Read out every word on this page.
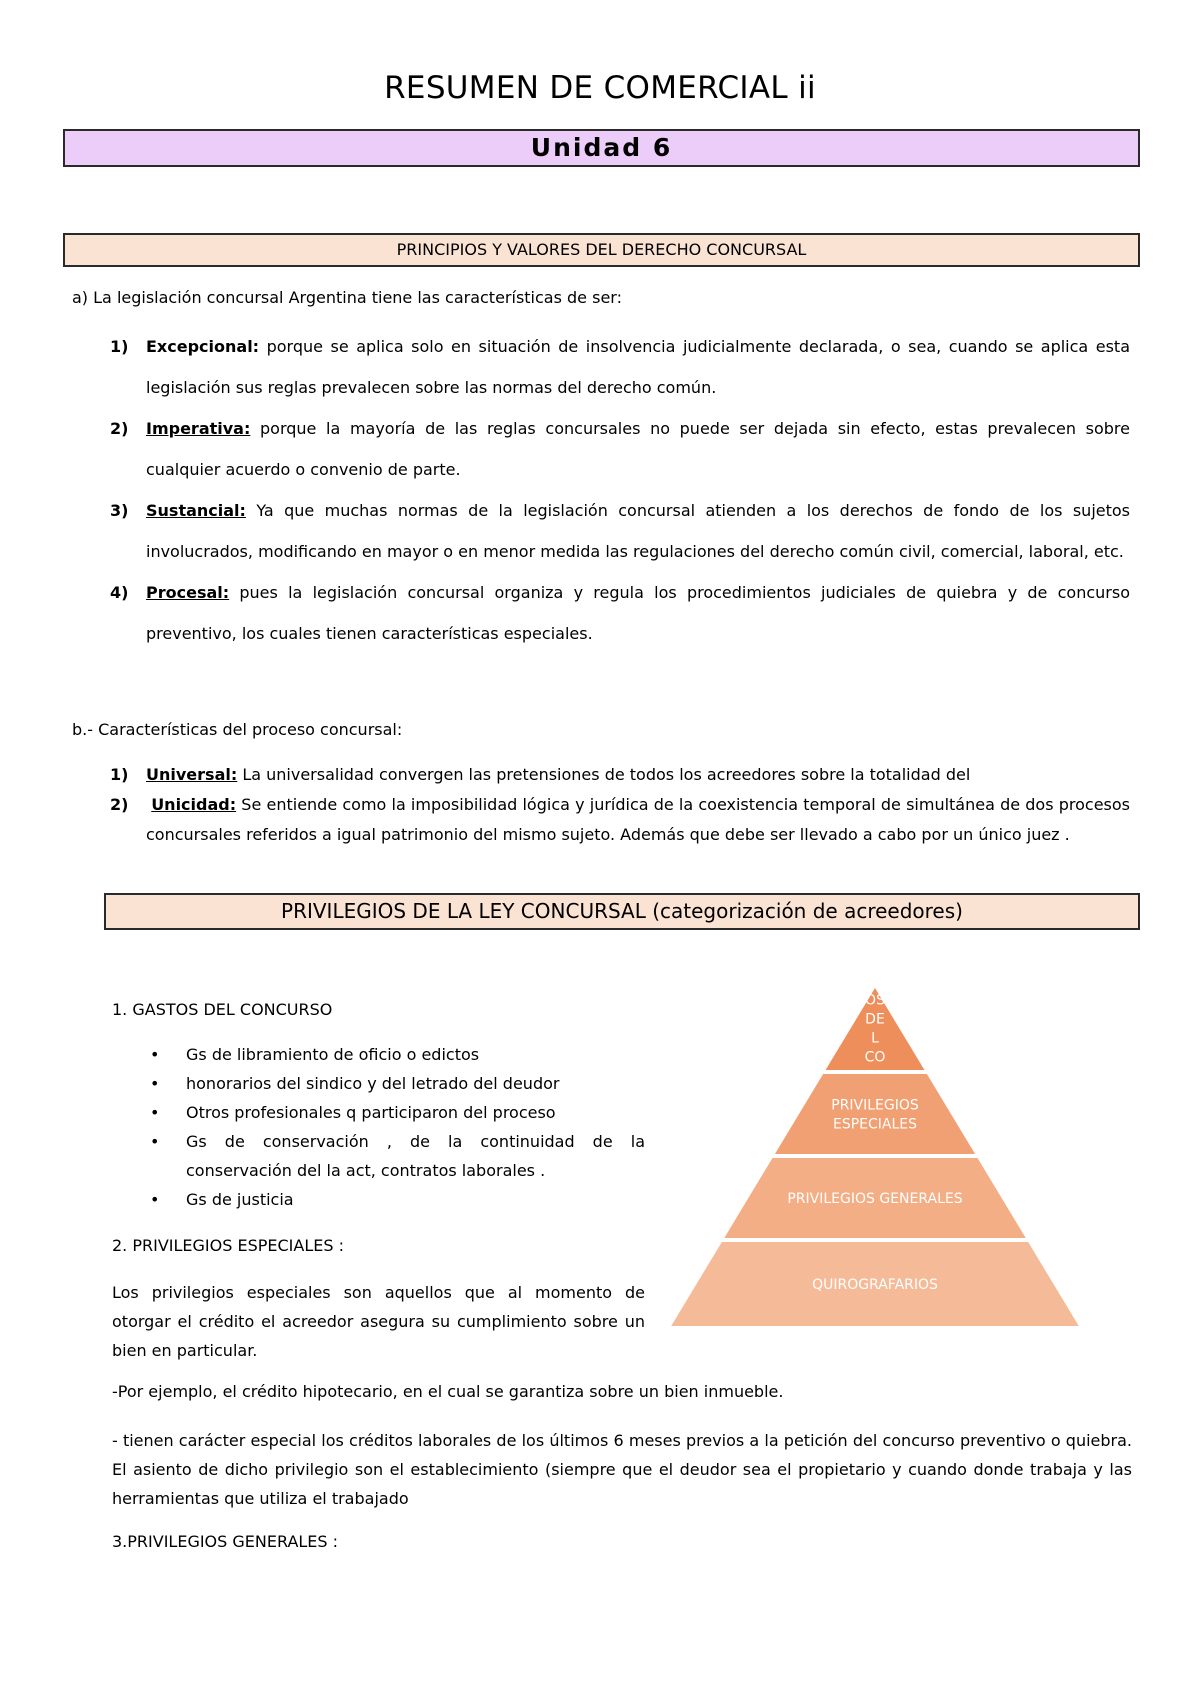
RESUMEN DE COMERCIAL ii
Unidad 6
PRINCIPIOS Y VALORES DEL DERECHO CONCURSAL
a) La legislación concursal Argentina tiene las características de ser:
1)	Excepcional: porque se aplica solo en situación de insolvencia judicialmente declarada, o sea, cuando se aplica esta legislación sus reglas prevalecen sobre las normas del derecho común.
2)	Imperativa: porque la mayoría de las reglas concursales no puede ser dejada sin efecto, estas prevalecen sobre cualquier acuerdo o convenio de parte.
3)	Sustancial: Ya que muchas normas de la legislación concursal atienden a los derechos de fondo de los sujetos involucrados, modificando en mayor o en menor medida las regulaciones del derecho común civil, comercial, laboral, etc.
4)	Procesal: pues la legislación concursal organiza y regula los procedimientos judiciales de quiebra y de concurso preventivo, los cuales tienen características especiales.
b.- Características del proceso concursal:
1)	Universal: La universalidad convergen las pretensiones de todos los acreedores sobre la totalidad del
2)	Unicidad: Se entiende como la imposibilidad lógica y jurídica de la coexistencia temporal de simultánea de dos procesos concursales referidos a igual patrimonio del mismo sujeto. Además que debe ser llevado a cabo por un único juez .
PRIVILEGIOS DE LA LEY CONCURSAL (categorización de acreedores)
1. GASTOS DEL CONCURSO
•	Gs de libramiento de oficio o edictos
•	honorarios del sindico y del letrado del deudor
•	Otros profesionales q participaron del proceso
•	Gs de conservación , de la continuidad de la conservación del la act, contratos laborales .
•	Gs de justicia
2. PRIVILEGIOS ESPECIALES :
Los privilegios especiales son aquellos que al momento de otorgar el crédito el acreedor asegura su cumplimiento sobre un bien en particular.
-Por ejemplo, el crédito hipotecario, en el cual se garantiza sobre un bien inmueble.
- tienen carácter especial los créditos laborales de los últimos 6 meses previos a la petición del concurso preventivo o quiebra. El asiento de dicho privilegio son el establecimiento (siempre que el deudor sea el propietario y cuando donde trabaja y las herramientas que utiliza el trabajado
3.PRIVILEGIOS GENERALES :
OS
DE
L
CO
PRIVILEGIOS
ESPECIALES
PRIVILEGIOS GENERALES
QUIROGRAFARIOS
